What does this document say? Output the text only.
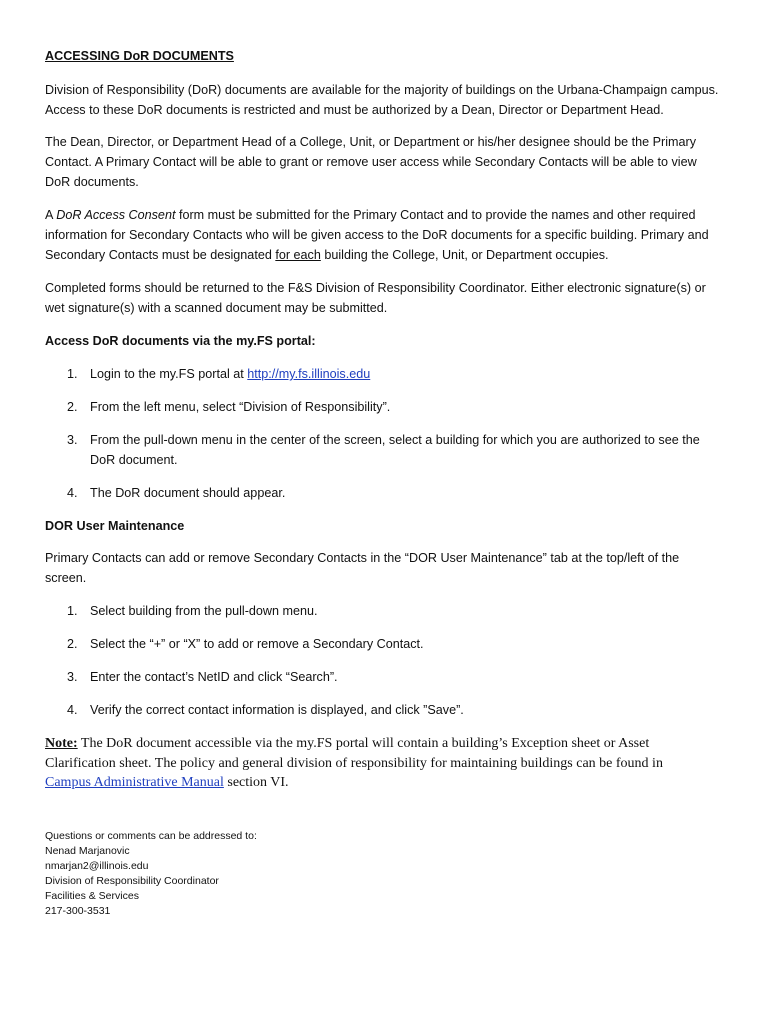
ACCESSING DoR DOCUMENTS
Division of Responsibility (DoR) documents are available for the majority of buildings on the Urbana-Champaign campus.
Access to these DoR documents is restricted and must be authorized by a Dean, Director or Department Head.
The Dean, Director, or Department Head of a College, Unit, or Department or his/her designee should be the Primary
Contact. A Primary Contact will be able to grant or remove user access while Secondary Contacts will be able to view
DoR documents.
A DoR Access Consent form must be submitted for the Primary Contact and to provide the names and other required
information for Secondary Contacts who will be given access to the DoR documents for a specific building. Primary and
Secondary Contacts must be designated for each building the College, Unit, or Department occupies.
Completed forms should be returned to the F&S Division of Responsibility Coordinator. Either electronic signature(s) or
wet signature(s) with a scanned document may be submitted.
Access DoR documents via the my.FS portal:
1. Login to the my.FS portal at http://my.fs.illinois.edu
2. From the left menu, select “Division of Responsibility”.
3. From the pull-down menu in the center of the screen, select a building for which you are authorized to see the
DoR document.
4. The DoR document should appear.
DOR User Maintenance
Primary Contacts can add or remove Secondary Contacts in the “DOR User Maintenance” tab at the top/left of the
screen.
1. Select building from the pull-down menu.
2. Select the “+” or “X” to add or remove a Secondary Contact.
3. Enter the contact’s NetID and click “Search”.
4. Verify the correct contact information is displayed, and click ”Save”.
Note: The DoR document accessible via the my.FS portal will contain a building’s Exception sheet or Asset
Clarification sheet. The policy and general division of responsibility for maintaining buildings can be found in
Campus Administrative Manual section VI.
Questions or comments can be addressed to:
Nenad Marjanovic
nmarjan2@illinois.edu
Division of Responsibility Coordinator
Facilities & Services
217-300-3531
